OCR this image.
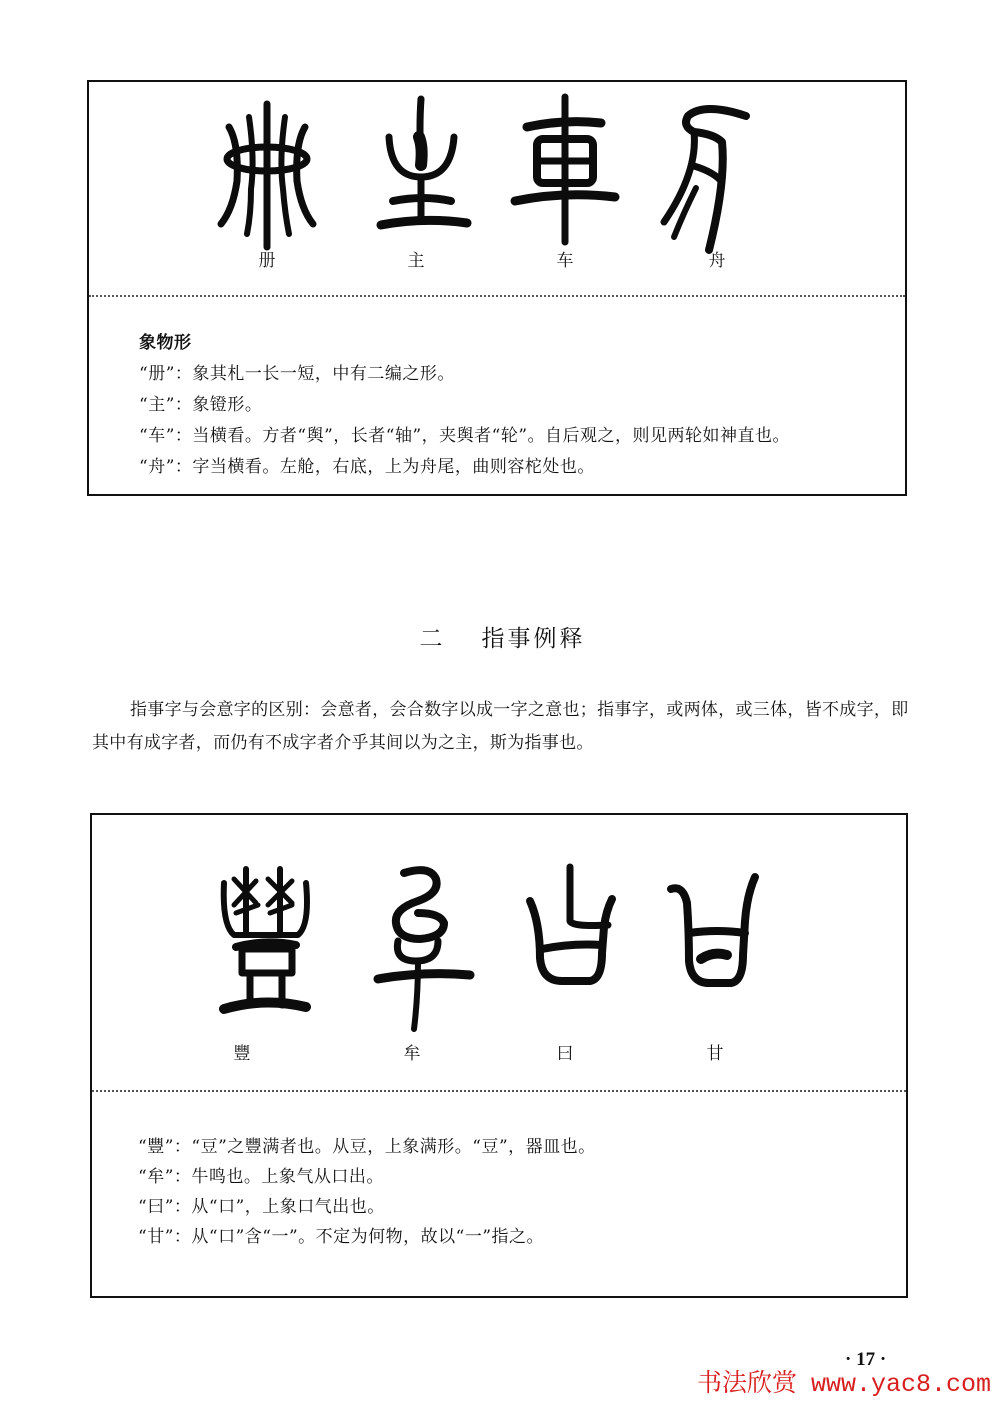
册	主	车	舟
象物形
“册”：象其札一长一短，中有二编之形。
“主”：象镫形。
“车”：当横看。方者“舆”，长者“轴”，夹舆者“轮”。自后观之，则见两轮如神直也。
“舟”：字当横看。左舱，右底，上为舟尾，曲则容柁处也。
二 指事例释
指事字与会意字的区别：会意者，会合数字以成一字之意也；指事字，或两体，或三体，皆不成字，即其中有成字者，而仍有不成字者介乎其间以为之主，斯为指事也。
豐	牟	曰	甘
“豐”：“豆”之豐满者也。从豆，上象满形。“豆”，器皿也。
“牟”：牛鸣也。上象气从口出。
“曰”：从“口”，上象口气出也。
“甘”：从“口”含“一”。不定为何物，故以“一”指之。
· 17 ·
书法欣赏 www.yac8.com
